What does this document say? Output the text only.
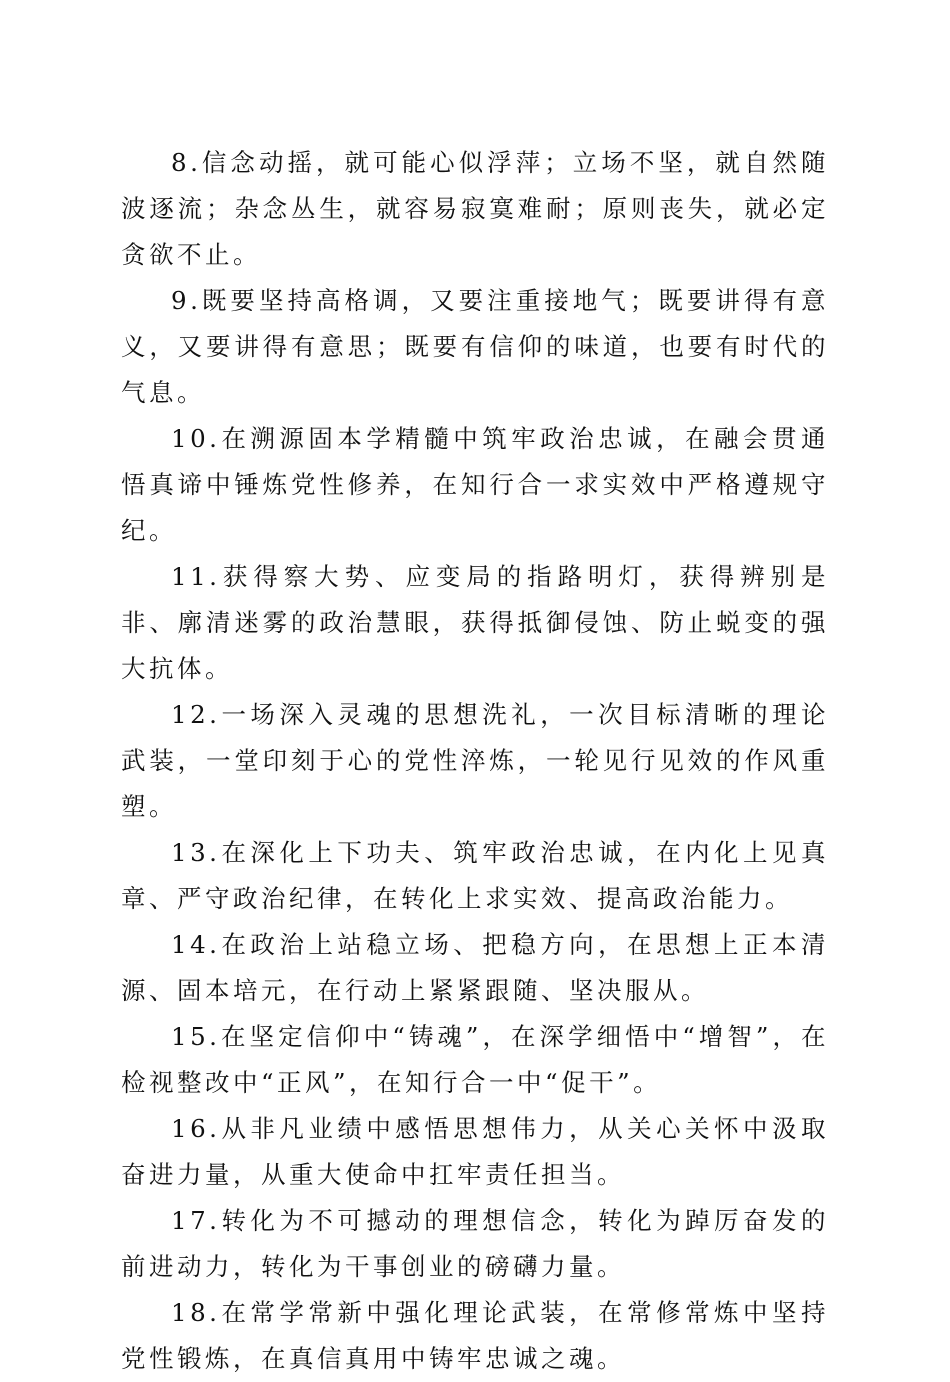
8.信念动摇，就可能心似浮萍；立场不坚，就自然随波逐流；杂念丛生，就容易寂寞难耐；原则丧失，就必定贪欲不止。

9.既要坚持高格调，又要注重接地气；既要讲得有意义，又要讲得有意思；既要有信仰的味道，也要有时代的气息。

10.在溯源固本学精髓中筑牢政治忠诚，在融会贯通悟真谛中锤炼党性修养，在知行合一求实效中严格遵规守纪。

11.获得察大势、应变局的指路明灯，获得辨别是非、廓清迷雾的政治慧眼，获得抵御侵蚀、防止蜕变的强大抗体。

12.一场深入灵魂的思想洗礼，一次目标清晰的理论武装，一堂印刻于心的党性淬炼，一轮见行见效的作风重塑。

13.在深化上下功夫、筑牢政治忠诚，在内化上见真章、严守政治纪律，在转化上求实效、提高政治能力。

14.在政治上站稳立场、把稳方向，在思想上正本清源、固本培元，在行动上紧紧跟随、坚决服从。

15.在坚定信仰中“铸魂”，在深学细悟中“增智”，在检视整改中“正风”，在知行合一中“促干”。

16.从非凡业绩中感悟思想伟力，从关心关怀中汲取奋进力量，从重大使命中扛牢责任担当。

17.转化为不可撼动的理想信念，转化为踔厉奋发的前进动力，转化为干事创业的磅礴力量。

18.在常学常新中强化理论武装，在常修常炼中坚持党性锻炼，在真信真用中铸牢忠诚之魂。
